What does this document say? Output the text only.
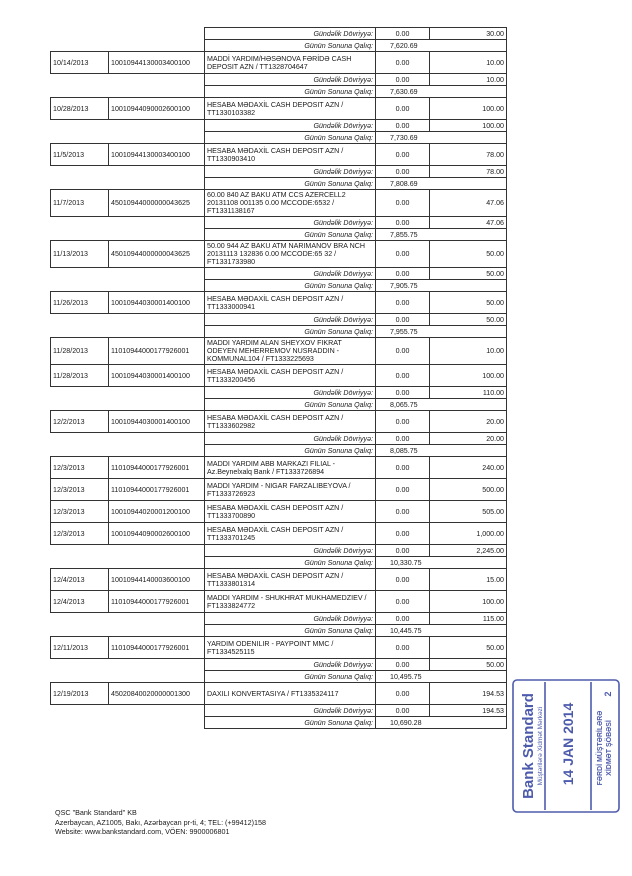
		Gündəlik Dövriyyə:	0.00	30.00
		Günün Sonuna Qalıq:	7,620.69	
10/14/2013	10010944130003400100	MADDİ YARDIM/HƏSƏNOVA FƏRİDƏ CASH DEPOSIT AZN / TT1328704647	0.00	10.00
		Gündəlik Dövriyyə:	0.00	10.00
		Günün Sonuna Qalıq:	7,630.69	
10/28/2013	10010944090002600100	HESABA MƏDAXİL CASH DEPOSIT AZN / TT1330103382	0.00	100.00
		Gündəlik Dövriyyə:	0.00	100.00
		Günün Sonuna Qalıq:	7,730.69	
11/5/2013	10010944130003400100	HESABA MƏDAXİL CASH DEPOSIT AZN / TT1330903410	0.00	78.00
		Gündəlik Dövriyyə:	0.00	78.00
		Günün Sonuna Qalıq:	7,808.69	
11/7/2013	45010944000000043625	60.00 840 AZ BAKU ATM CCS AZERCELL2 20131108 001135 0.00 MCCODE:6532 / FT1331138167	0.00	47.06
		Gündəlik Dövriyyə:	0.00	47.06
		Günün Sonuna Qalıq:	7,855.75	
11/13/2013	45010944000000043625	50.00 944 AZ BAKU ATM NARIMANOV BRA NCH 20131113 132836 0.00 MCCODE:65 32 / FT1331733980	0.00	50.00
		Gündəlik Dövriyyə:	0.00	50.00
		Günün Sonuna Qalıq:	7,905.75	
11/26/2013	10010944030001400100	HESABA MƏDAXİL CASH DEPOSIT AZN / TT1333000941	0.00	50.00
		Gündəlik Dövriyyə:	0.00	50.00
		Günün Sonuna Qalıq:	7,955.75	
11/28/2013	11010944000177926001	MADDI YARDIM ALAN SHEYXOV FIKRAT ODEYEN MEHERREMOV NUSRADDIN - KOMMUNAL104 / FT1333225693	0.00	10.00
11/28/2013	10010944030001400100	HESABA MƏDAXİL CASH DEPOSIT AZN / TT1333200456	0.00	100.00
		Gündəlik Dövriyyə:	0.00	110.00
		Günün Sonuna Qalıq:	8,065.75	
12/2/2013	10010944030001400100	HESABA MƏDAXİL CASH DEPOSIT AZN / TT1333602982	0.00	20.00
		Gündəlik Dövriyyə:	0.00	20.00
		Günün Sonuna Qalıq:	8,085.75	
12/3/2013	11010944000177926001	MADDI YARDIM ABB MARKAZI FILIAL - Az.Beynelxalq Bank / FT1333726894	0.00	240.00
12/3/2013	11010944000177926001	MADDI YARDIM - NIGAR FARZALIBEYOVA / FT1333726923	0.00	500.00
12/3/2013	10010944020001200100	HESABA MƏDAXİL CASH DEPOSIT AZN / TT1333700890	0.00	505.00
12/3/2013	10010944090002600100	HESABA MƏDAXİL CASH DEPOSIT AZN / TT1333701245	0.00	1,000.00
		Gündəlik Dövriyyə:	0.00	2,245.00
		Günün Sonuna Qalıq:	10,330.75	
12/4/2013	10010944140003600100	HESABA MƏDAXİL CASH DEPOSIT AZN / TT1333801314	0.00	15.00
12/4/2013	11010944000177926001	MADDI YARDIM - SHUKHRAT MUKHAMEDZIEV / FT1333824772	0.00	100.00
		Gündəlik Dövriyyə:	0.00	115.00
		Günün Sonuna Qalıq:	10,445.75	
12/11/2013	11010944000177926001	YARDIM ODENILIR - PAYPOINT MMC / FT1334525115	0.00	50.00
		Gündəlik Dövriyyə:	0.00	50.00
		Günün Sonuna Qalıq:	10,495.75	
12/19/2013	45020840020000001300	DAXILI KONVERTASIYA / FT1335324117	0.00	194.53
		Gündəlik Dövriyyə:	0.00	194.53
		Günün Sonuna Qalıq:	10,690.28	
QSC "Bank Standard" KB
Azerbaycan, AZ1005, Bakı, Azərbaycan pr-ti, 4; TEL: (+99412)158
Website: www.bankstandard.com, VÖEN: 9900006801
Bank Standard Müştərilərə Xidmət Mərkəzi 14 JAN 2014	FƏRDİ MÜŞTƏRİLƏRƏ XİDMƏT ŞÖBƏSİ
2
